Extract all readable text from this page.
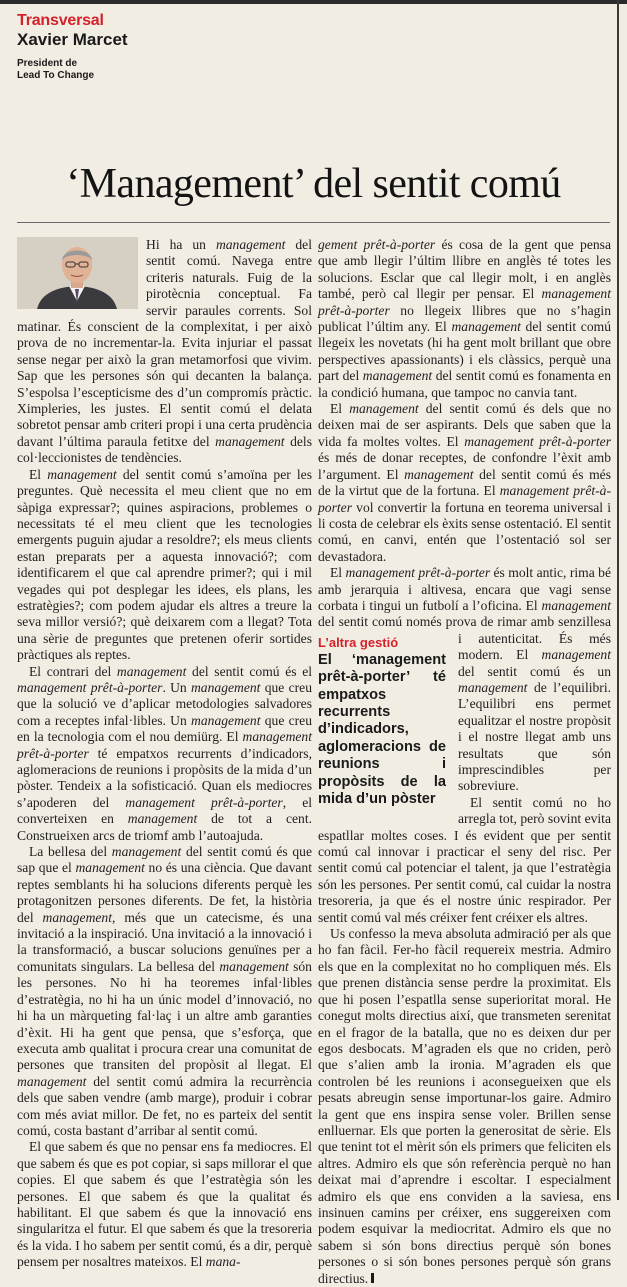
Transversal
Xavier Marcet
President de
Lead To Change
‘Management’ del sentit comú

Hi ha un management del sentit comú. Navega entre criteris naturals. Fuig de la pirotècnia conceptual. Fa servir paraules corrents. Sol matinar. És conscient de la complexitat, i per això prova de no incrementar-la. Evita injuriar el passat sense negar per això la gran metamorfosi que vivim. Sap que les persones són qui decanten la balança. S’espolsa l’escepticisme des d’un compromís pràctic. Ximpleries, les justes. El sentit comú el delata sobretot pensar amb criteri propi i una certa prudència davant l’última paraula fetitxe del management dels col·leccionistes de tendències.

El management del sentit comú s’amoïna per les preguntes. Què necessita el meu client que no em sàpiga expressar?; quines aspiracions, problemes o necessitats té el meu client que les tecnologies emergents puguin ajudar a resoldre?; els meus clients estan preparats per a aquesta innovació?; com identificarem el que cal aprendre primer?; qui i mil vegades qui pot desplegar les idees, els plans, les estratègies?; com podem ajudar els altres a treure la seva millor versió?; què deixarem com a llegat? Tota una sèrie de preguntes que pretenen oferir sortides pràctiques als reptes.

El contrari del management del sentit comú és el management prêt-à-porter. Un management que creu que la solució ve d’aplicar metodologies salvadores com a receptes infal·libles. Un management que creu en la tecnologia com el nou demiürg. El management prêt-à-porter té empatxos recurrents d’indicadors, aglomeracions de reunions i propòsits de la mida d’un pòster. Tendeix a la sofisticació. Quan els mediocres s’apoderen del management prêt-à-porter, el converteixen en management de tot a cent. Construeixen arcs de triomf amb l’autoajuda.

La bellesa del management del sentit comú és que sap que el management no és una ciència. Que davant reptes semblants hi ha solucions diferents perquè les protagonitzen persones diferents. De fet, la història del management, més que un catecisme, és una invitació a la inspiració. Una invitació a la innovació i la transformació, a buscar solucions genuïnes per a comunitats singulars. La bellesa del management són les persones. No hi ha teoremes infal·libles d’estratègia, no hi ha un únic model d’innovació, no hi ha un màrqueting fal·laç i un altre amb garanties d’èxit. Hi ha gent que pensa, que s’esforça, que executa amb qualitat i procura crear una comunitat de persones que transiten del propòsit al llegat. El management del sentit comú admira la recurrència dels que saben vendre (amb marge), produir i cobrar com més aviat millor. De fet, no es parteix del sentit comú, costa bastant d’arribar al sentit comú.

El que sabem és que no pensar ens fa mediocres. El que sabem és que es pot copiar, si saps millorar el que copies. El que sabem és que l’estratègia són les persones. El que sabem és que la qualitat és habilitant. El que sabem és que la innovació ens singularitza el futur. El que sabem és que la tresoreria és la vida. I ho sabem per sentit comú, és a dir, perquè pensem per nosaltres mateixos. El mana-

gement prêt-à-porter és cosa de la gent que pensa que amb llegir l’últim llibre en anglès té totes les solucions. Esclar que cal llegir molt, i en anglès també, però cal llegir per pensar. El management prêt-à-porter no llegeix llibres que no s’hagin publicat l’últim any. El management del sentit comú llegeix les novetats (hi ha gent molt brillant que obre perspectives apassionants) i els clàssics, perquè una part del management del sentit comú es fonamenta en la condició humana, que tampoc no canvia tant.

El management del sentit comú és dels que no deixen mai de ser aspirants. Dels que saben que la vida fa moltes voltes. El management prêt-à-porter és més de donar receptes, de confondre l’èxit amb l’argument. El management del sentit comú és més de la virtut que de la fortuna. El management prêt-à-porter vol convertir la fortuna en teorema universal i li costa de celebrar els èxits sense ostentació. El sentit comú, en canvi, entén que l’ostentació sol ser devastadora.

El management prêt-à-porter és molt antic, rima bé amb jerarquia i altivesa, encara que vagi sense corbata i tingui un futbolí a l’oficina. El management del sentit comú només prova de rimar amb
L’altra gestió
El ‘management prêt-à-porter’ té empatxos recurrents d’indicadors, aglomeracions de reunions i propòsits de la mida d’un pòster
senzillesa i autenticitat. És més modern. El management del sentit comú és un management de l’equilibri. L’equilibri ens permet equalitzar el nostre propòsit i el nostre llegat amb uns resultats que són imprescindibles per sobreviure.

El sentit comú no ho arregla tot, però sovint evita espatllar moltes coses. I és evident que per sentit comú cal innovar i practicar el seny del risc. Per sentit comú cal potenciar el talent, ja que l’estratègia són les persones. Per sentit comú, cal cuidar la nostra tresoreria, ja que és el nostre únic respirador. Per sentit comú val més créixer fent créixer els altres.

Us confesso la meva absoluta admiració per als que ho fan fàcil. Fer-ho fàcil requereix mestria. Admiro els que en la complexitat no ho compliquen més. Els que prenen distància sense perdre la proximitat. Els que hi posen l’espatlla sense superioritat moral. He conegut molts directius així, que transmeten serenitat en el fragor de la batalla, que no es deixen dur per egos desbocats. M’agraden els que no criden, però que s’alien amb la ironia. M’agraden els que controlen bé les reunions i aconsegueixen que els pesats abreugin sense importunar-los gaire. Admiro la gent que ens inspira sense voler. Brillen sense enlluernar. Els que porten la generositat de sèrie. Els que tenint tot el mèrit són els primers que feliciten els altres. Admiro els que són referència perquè no han deixat mai d’aprendre i escoltar. I especialment admiro els que ens conviden a la saviesa, ens insinuen camins per créixer, ens suggereixen com podem esquivar la mediocritat. Admiro els que no sabem si són bons directius perquè són bones persones o si són bones persones perquè són grans directius.
